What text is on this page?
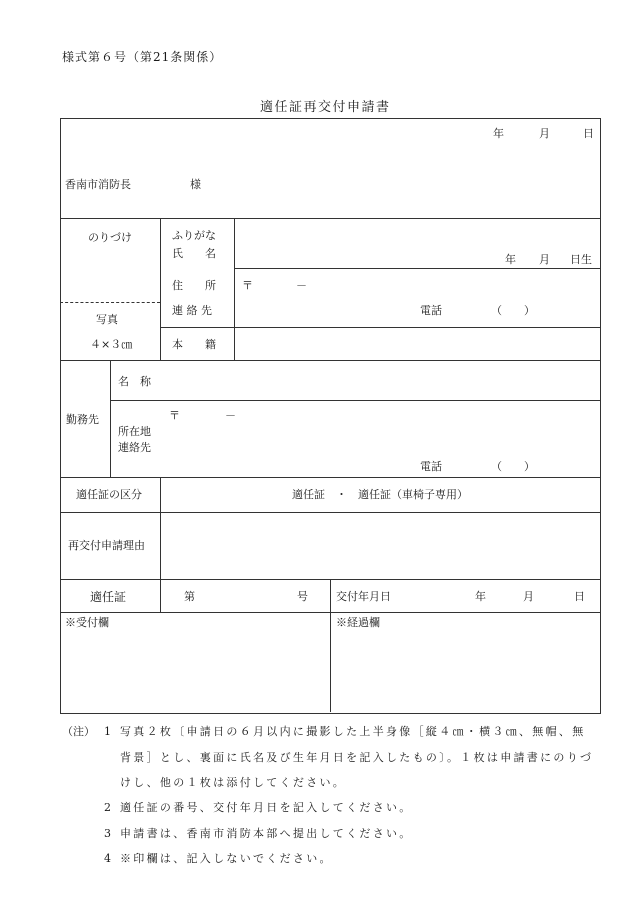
様式第６号（第21条関係）
適任証再交付申請書
年	月	日
香南市消防長	様
のりづけ
写真
４×３㎝
ふりがな
氏　　名	年 月 日生
住　　所 〒	－
連 絡 先	電話	（　　）
本　　籍
勤務先
名　称
所在地
連絡先
〒	－
電話	（　　）
適任証の区分	適任証　・　適任証（車椅子専用）
再交付申請理由
適任証	第	号	交付年月日	年	月	日
※受付欄	※経過欄
（注） 1 写真２枚〔申請日の６月以内に撮影した上半身像［縦４㎝・横３㎝、無帽、無
背景］とし、裏面に氏名及び生年月日を記入したもの〕。１枚は申請書にのりづ
けし、他の１枚は添付してください。
2 適任証の番号、交付年月日を記入してください。
3 申請書は、香南市消防本部へ提出してください。
4 ※印欄は、記入しないでください。
